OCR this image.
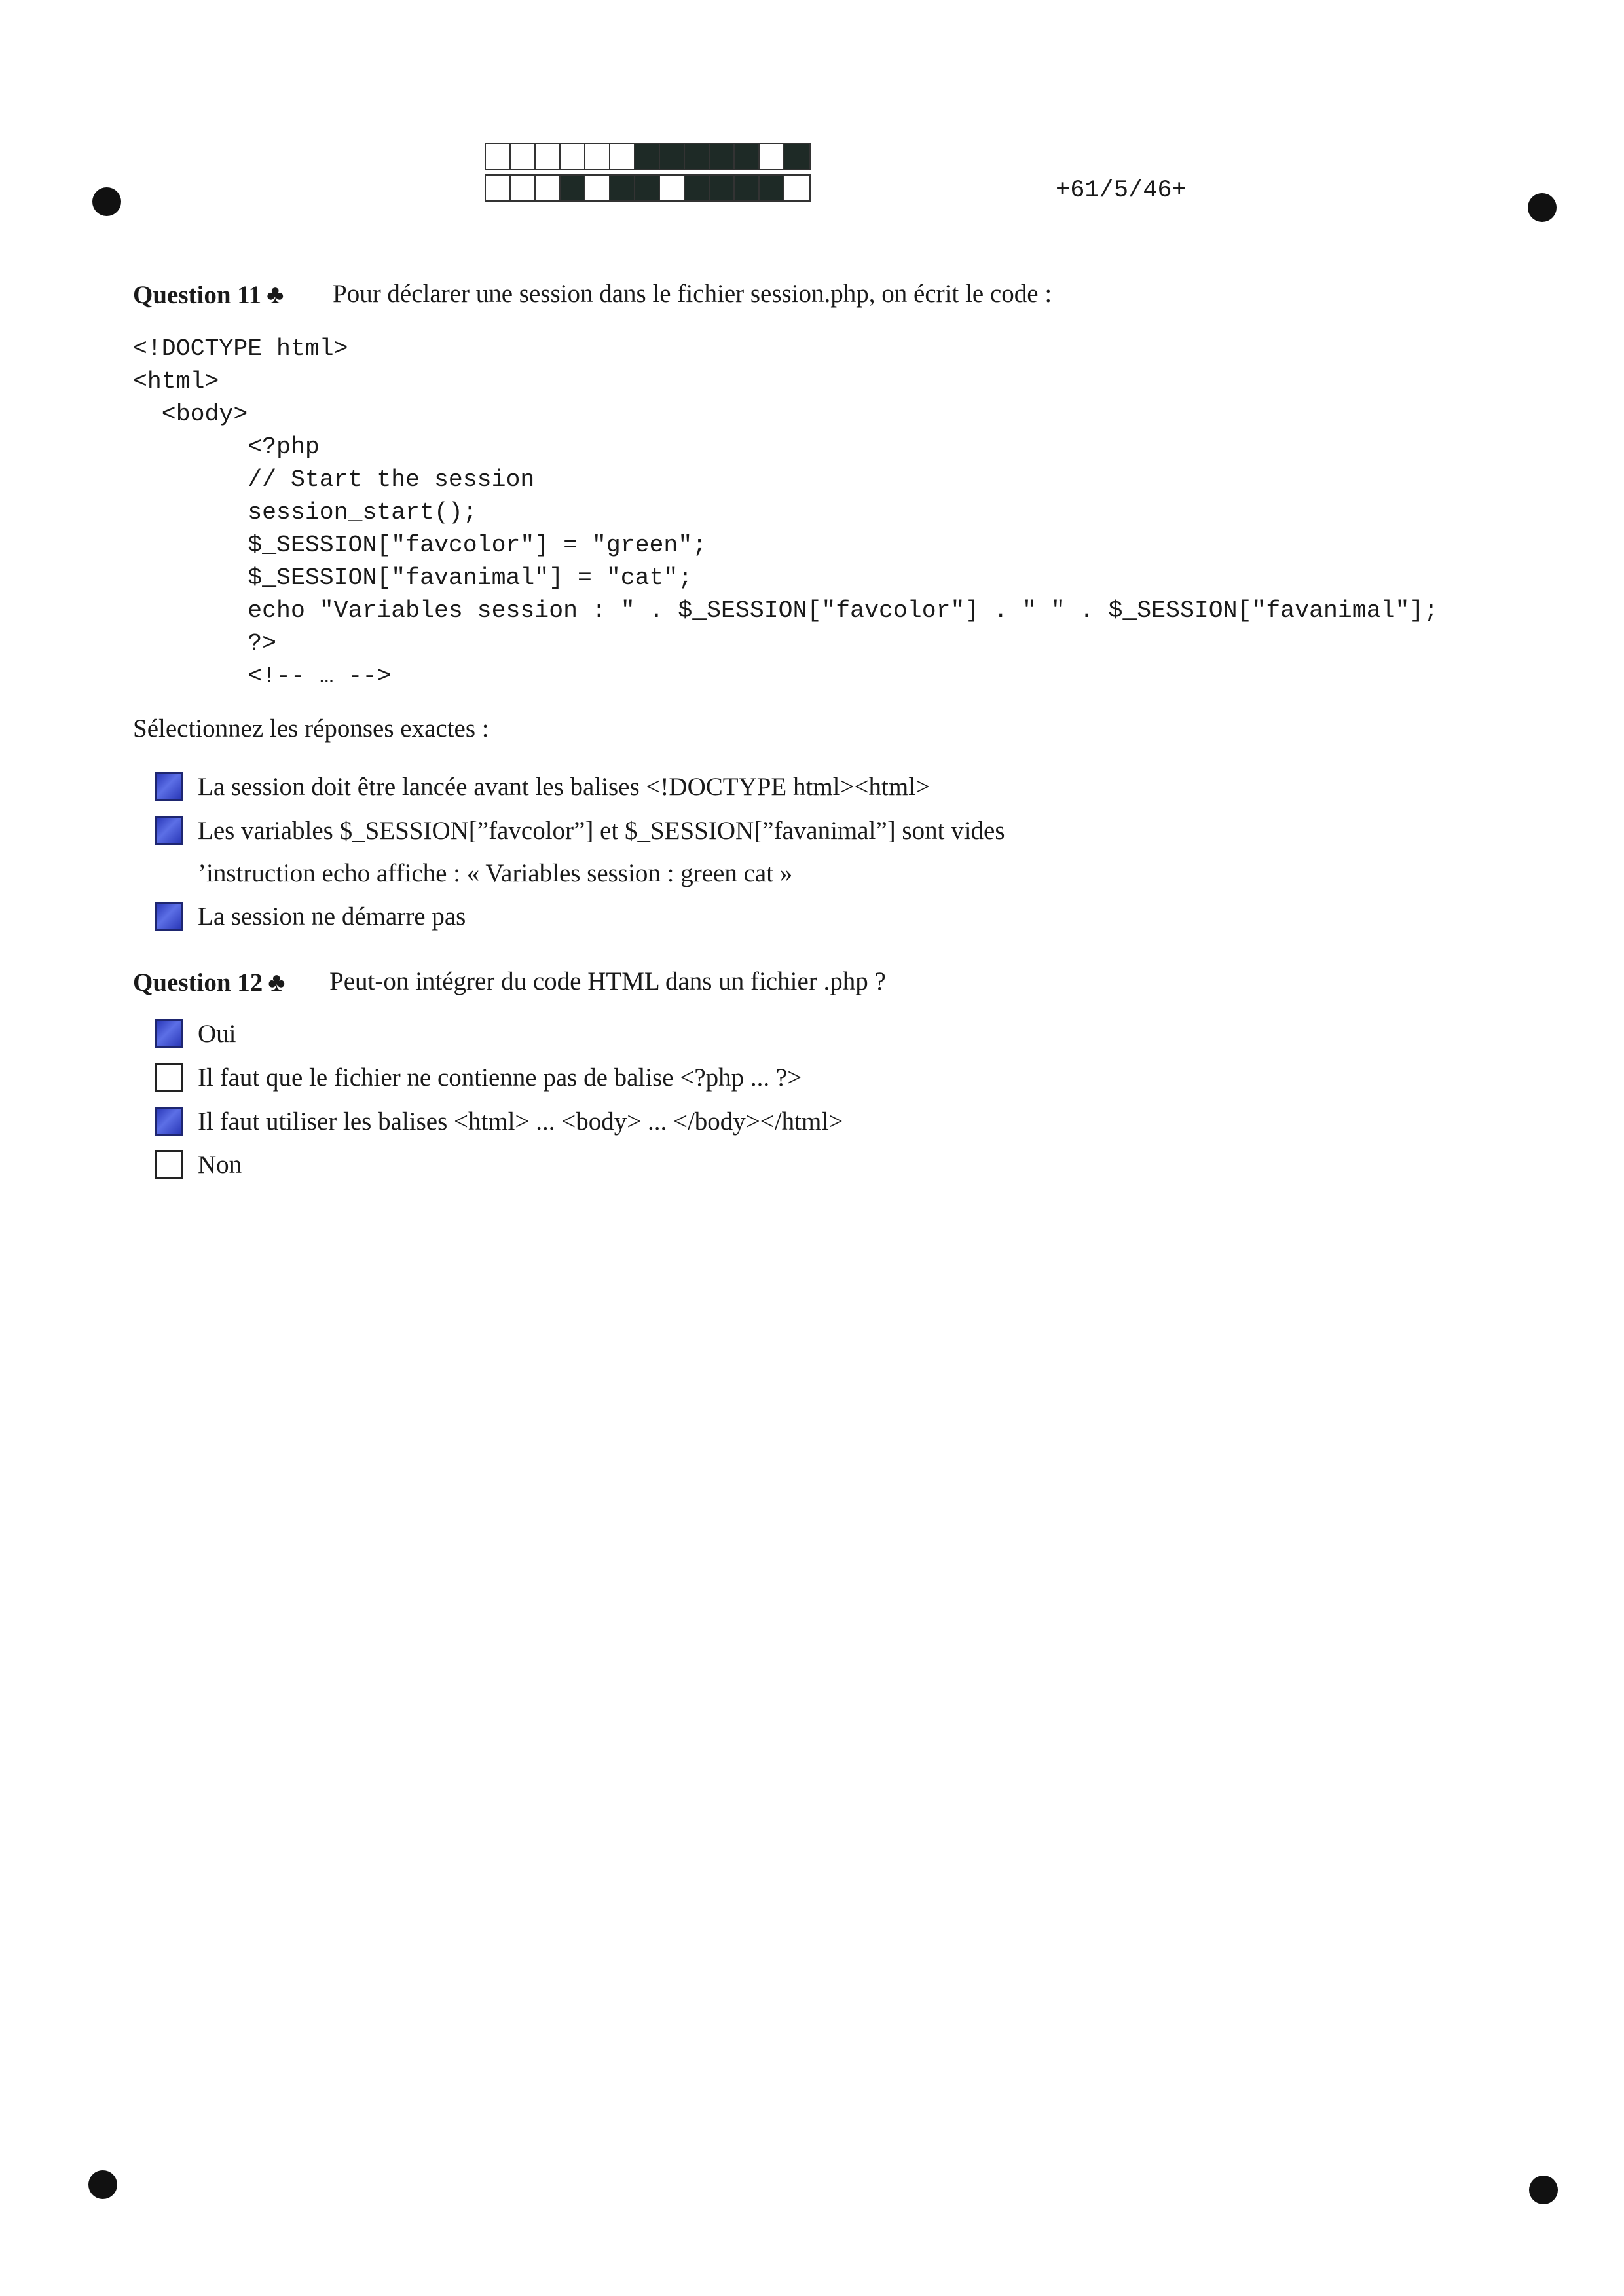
+61/5/46+
Question 11 ♣ Pour déclarer une session dans le fichier session.php, on écrit le code :
<!DOCTYPE html>
<html>
<body>
<?php
// Start the session
session_start();
$_SESSION["favcolor"] = "green";
$_SESSION["favanimal"] = "cat";
echo "Variables session : " . $_SESSION["favcolor"] . " " . $_SESSION["favanimal"];
?>
<!-- … -->
Sélectionnez les réponses exactes :
La session doit être lancée avant les balises <!DOCTYPE html><html>
Les variables $_SESSION[”favcolor”] et $_SESSION[”favanimal”] sont vides
’instruction echo affiche : « Variables session : green cat »
La session ne démarre pas
Question 12 ♣ Peut-on intégrer du code HTML dans un fichier .php ?
Oui
Il faut que le fichier ne contienne pas de balise <?php ... ?>
Il faut utiliser les balises <html> ... <body> ... </body></html>
Non
